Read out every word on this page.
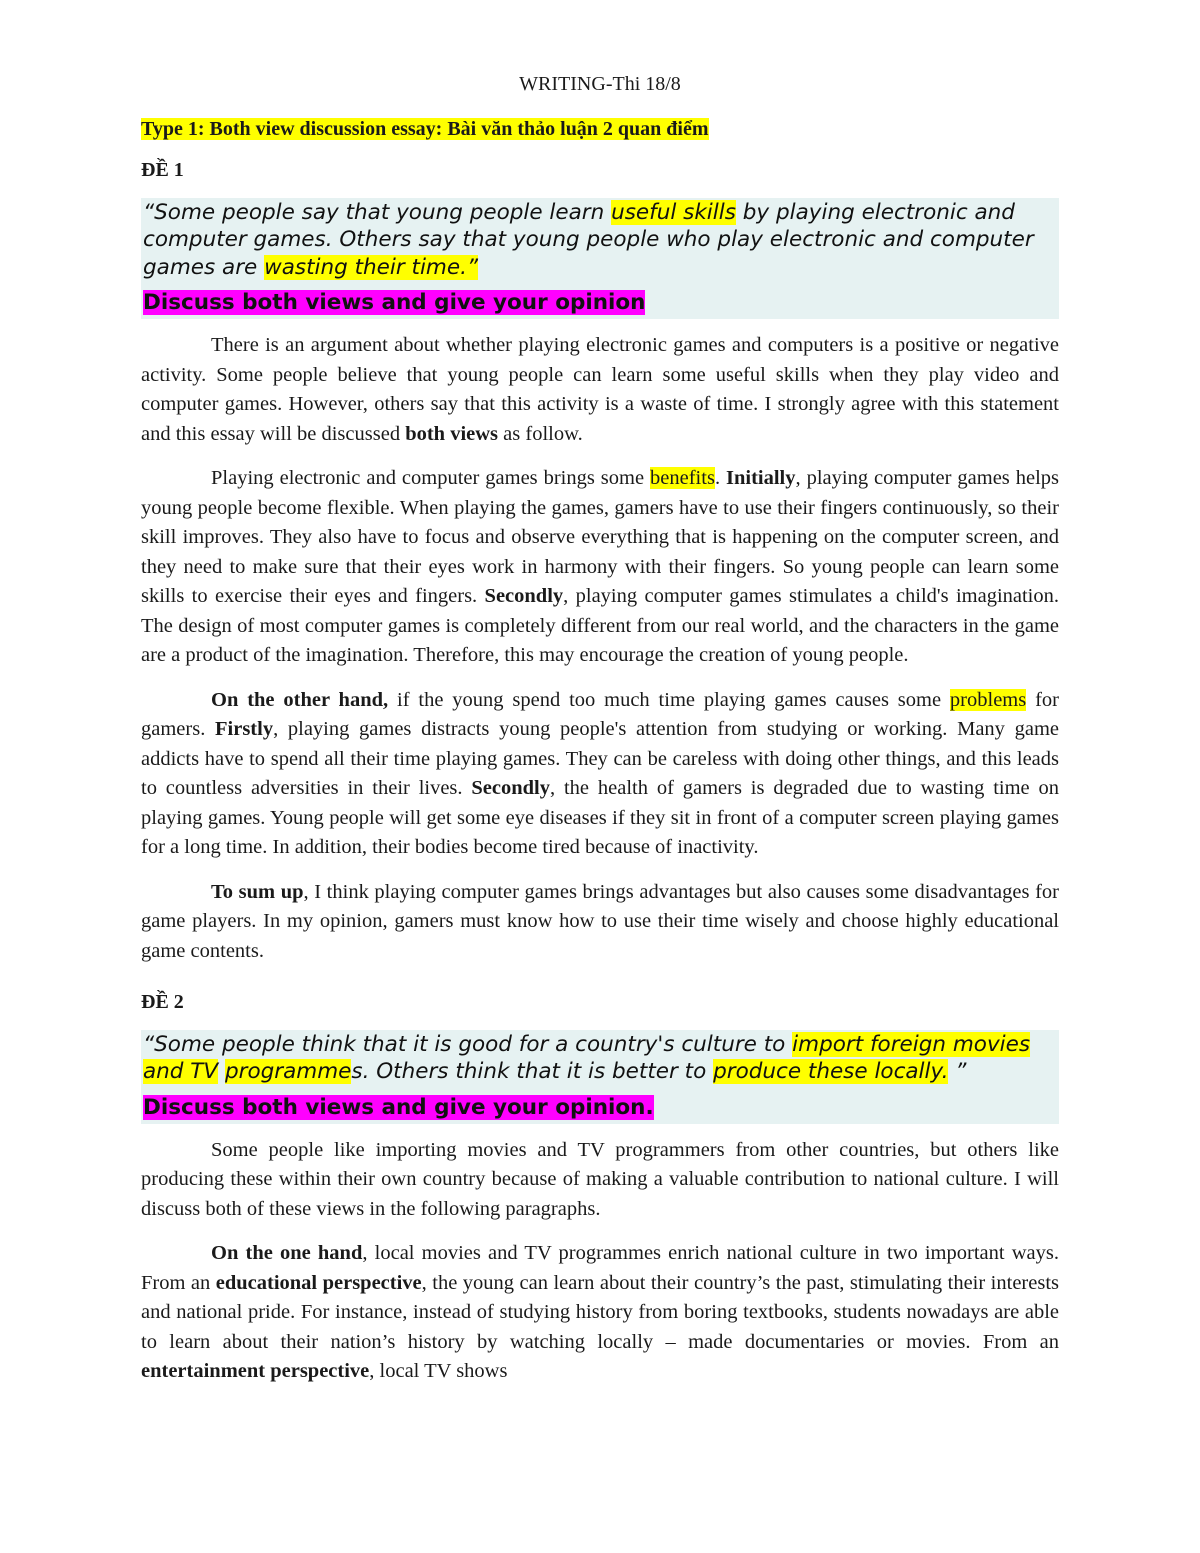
WRITING-Thi 18/8
Type 1: Both view discussion essay: Bài văn thảo luận 2 quan điểm
ĐỀ 1

“Some people say that young people learn useful skills by playing electronic and computer games. Others say that young people who play electronic and computer games are wasting their time.”

Discuss both views and give your opinion

There is an argument about whether playing electronic games and computers is a positive or negative activity. Some people believe that young people can learn some useful skills when they play video and computer games. However, others say that this activity is a waste of time. I strongly agree with this statement and this essay will be discussed both views as follow.

Playing electronic and computer games brings some benefits. Initially, playing computer games helps young people become flexible. When playing the games, gamers have to use their fingers continuously, so their skill improves. They also have to focus and observe everything that is happening on the computer screen, and they need to make sure that their eyes work in harmony with their fingers. So young people can learn some skills to exercise their eyes and fingers. Secondly, playing computer games stimulates a child's imagination. The design of most computer games is completely different from our real world, and the characters in the game are a product of the imagination. Therefore, this may encourage the creation of young people.

On the other hand, if the young spend too much time playing games causes some problems for gamers. Firstly, playing games distracts young people's attention from studying or working. Many game addicts have to spend all their time playing games. They can be careless with doing other things, and this leads to countless adversities in their lives. Secondly, the health of gamers is degraded due to wasting time on playing games. Young people will get some eye diseases if they sit in front of a computer screen playing games for a long time. In addition, their bodies become tired because of inactivity.

To sum up, I think playing computer games brings advantages but also causes some disadvantages for game players. In my opinion, gamers must know how to use their time wisely and choose highly educational game contents.

ĐỀ 2

“Some people think that it is good for a country's culture to import foreign movies and TV programmes. Others think that it is better to produce these locally. ”

Discuss both views and give your opinion.

Some people like importing movies and TV programmers from other countries, but others like producing these within their own country because of making a valuable contribution to national culture. I will discuss both of these views in the following paragraphs.

On the one hand, local movies and TV programmes enrich national culture in two important ways. From an educational perspective, the young can learn about their country’s the past, stimulating their interests and national pride. For instance, instead of studying history from boring textbooks, students nowadays are able to learn about their nation’s history by watching locally – made documentaries or movies. From an entertainment perspective, local TV shows
